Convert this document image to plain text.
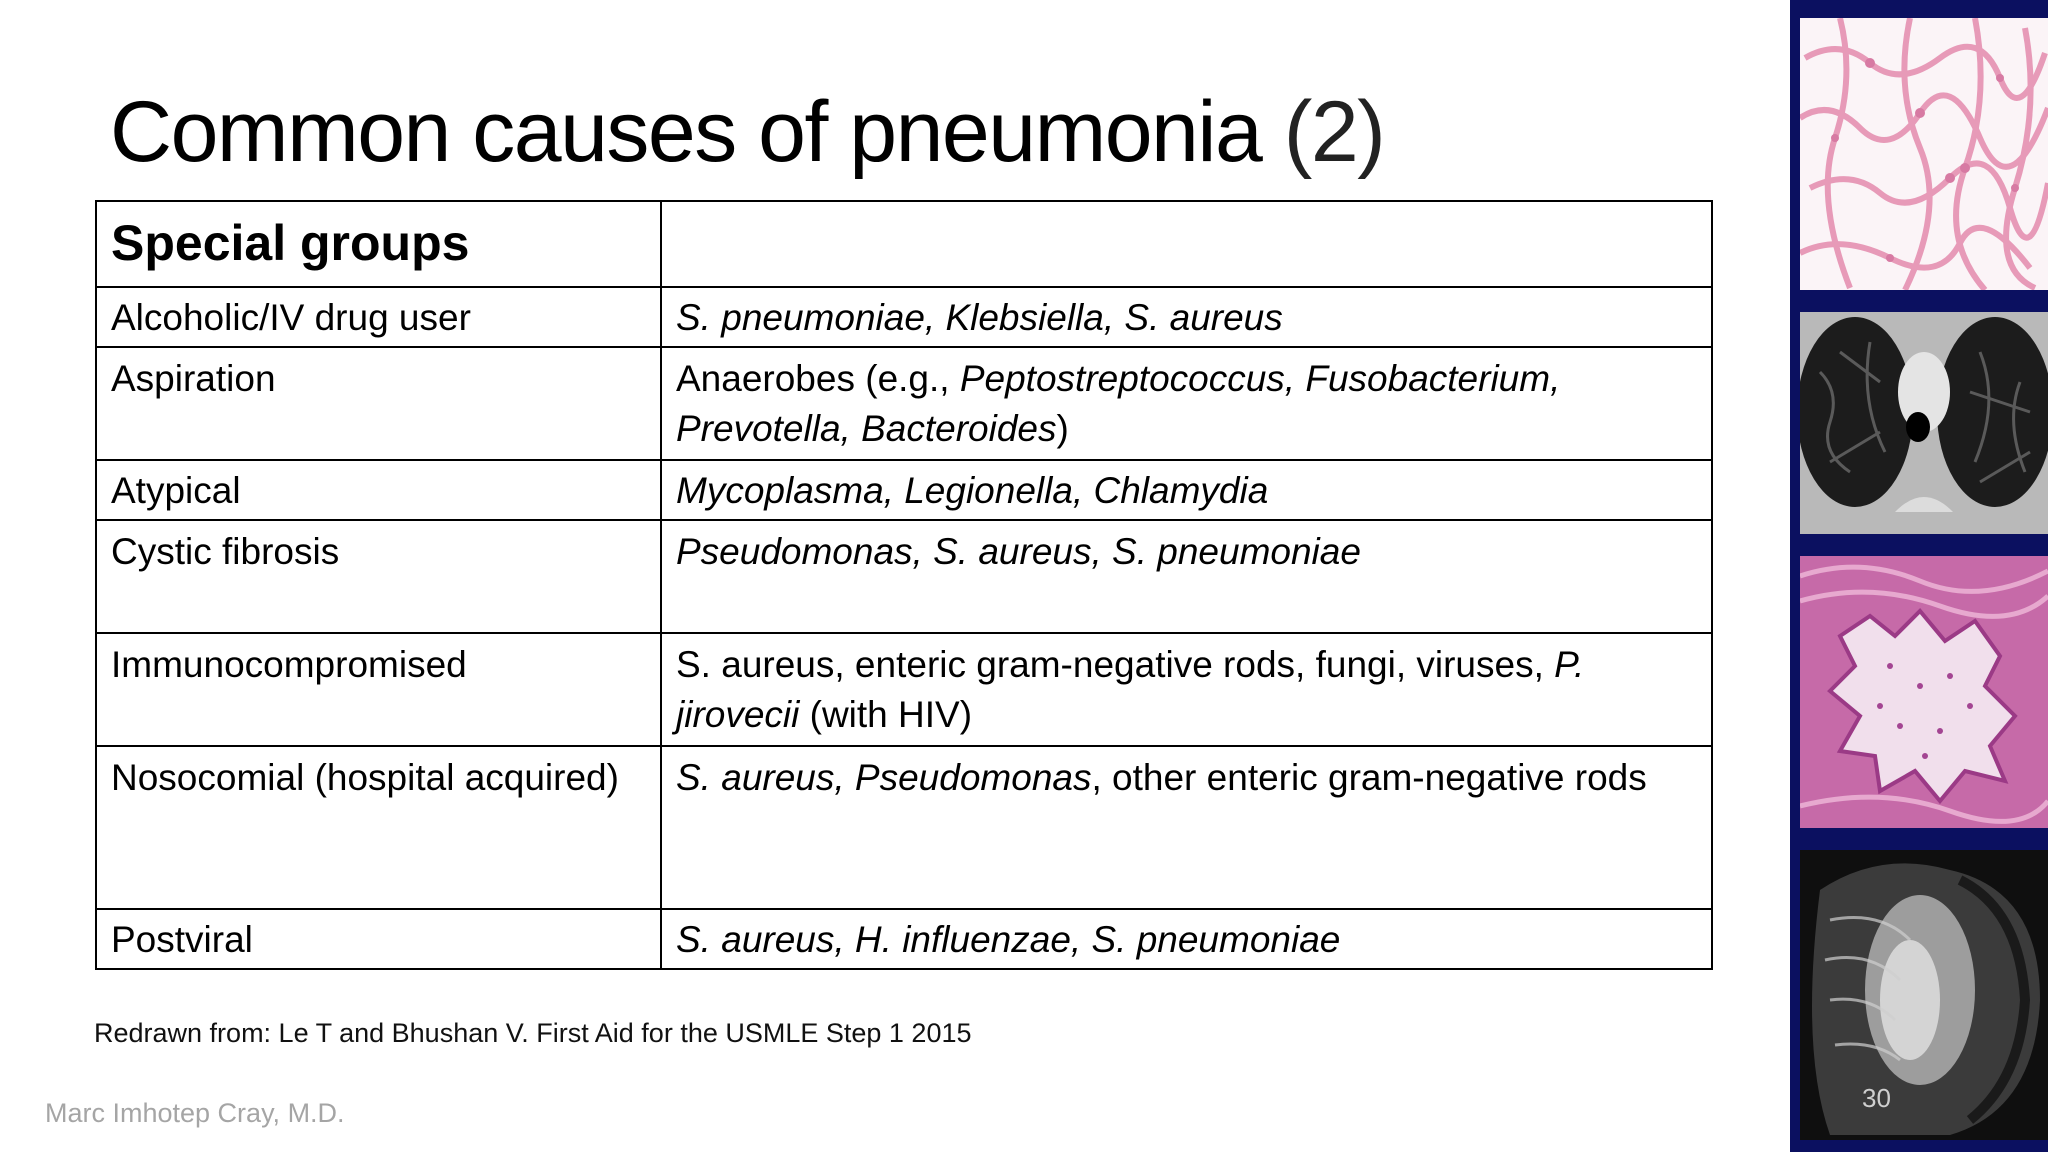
Common causes of pneumonia (2)
Special groups	
Alcoholic/IV drug user	S. pneumoniae, Klebsiella, S. aureus
Aspiration	Anaerobes (e.g., Peptostreptococcus, Fusobacterium, Prevotella, Bacteroides)
Atypical	Mycoplasma, Legionella, Chlamydia
Cystic fibrosis	Pseudomonas, S. aureus, S. pneumoniae
Immunocompromised	S. aureus, enteric gram-negative rods, fungi, viruses, P. jirovecii (with HIV)
Nosocomial (hospital acquired)	S. aureus, Pseudomonas, other enteric gram-negative rods
Postviral	S. aureus, H. influenzae, S. pneumoniae
Redrawn from: Le T and Bhushan V. First Aid for the USMLE Step 1 2015
Marc Imhotep Cray, M.D.	30
